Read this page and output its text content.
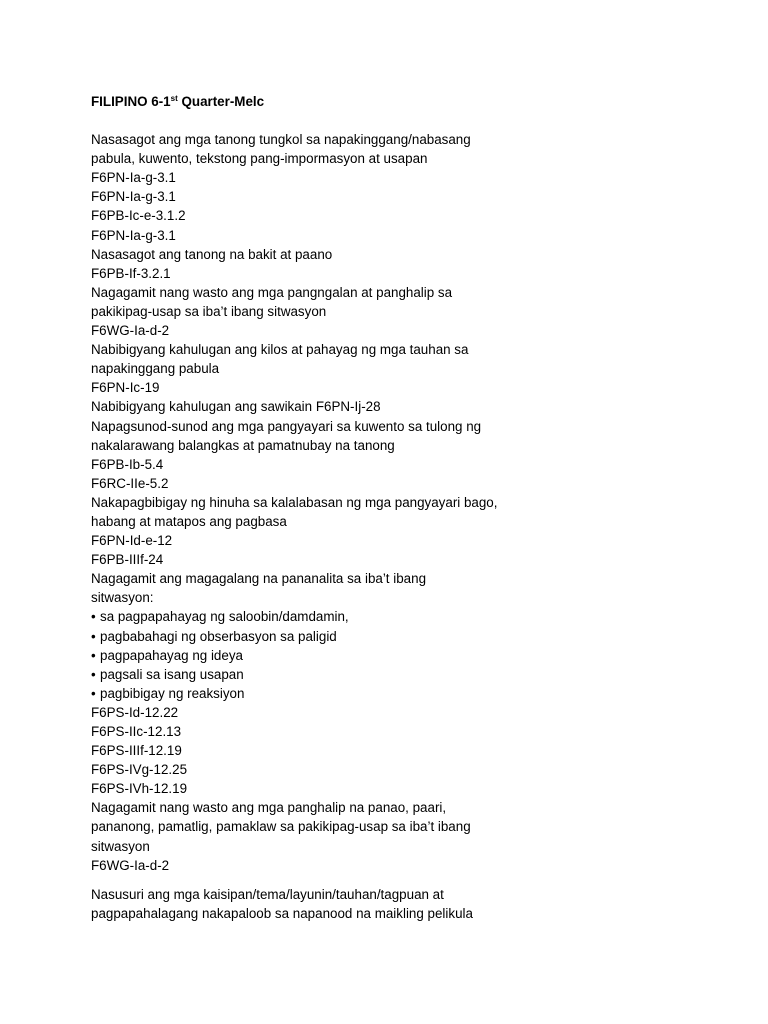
FILIPINO 6-1st Quarter-Melc
Nasasagot ang mga tanong tungkol sa napakinggang/nabasang
pabula, kuwento, tekstong pang-impormasyon at usapan
F6PN-Ia-g-3.1
F6PN-Ia-g-3.1
F6PB-Ic-e-3.1.2
F6PN-Ia-g-3.1
Nasasagot ang tanong na bakit at paano
F6PB-If-3.2.1
Nagagamit nang wasto ang mga pangngalan at panghalip sa
pakikipag-usap sa iba’t ibang sitwasyon
F6WG-Ia-d-2
Nabibigyang kahulugan ang kilos at pahayag ng mga tauhan sa
napakinggang pabula
F6PN-Ic-19
Nabibigyang kahulugan ang sawikain F6PN-Ij-28
Napagsunod-sunod ang mga pangyayari sa kuwento sa tulong ng
nakalarawang balangkas at pamatnubay na tanong
F6PB-Ib-5.4
F6RC-IIe-5.2
Nakapagbibigay ng hinuha sa kalalabasan ng mga pangyayari bago,
habang at matapos ang pagbasa
F6PN-Id-e-12
F6PB-IIIf-24
Nagagamit ang magagalang na pananalita sa iba’t ibang
sitwasyon:
• sa pagpapahayag ng saloobin/damdamin,
• pagbabahagi ng obserbasyon sa paligid
• pagpapahayag ng ideya
• pagsali sa isang usapan
• pagbibigay ng reaksiyon
F6PS-Id-12.22
F6PS-IIc-12.13
F6PS-IIIf-12.19
F6PS-IVg-12.25
F6PS-IVh-12.19
Nagagamit nang wasto ang mga panghalip na panao, paari,
pananong, pamatlig, pamaklaw sa pakikipag-usap sa iba’t ibang
sitwasyon
F6WG-Ia-d-2
Nasusuri ang mga kaisipan/tema/layunin/tauhan/tagpuan at
pagpapahalagang nakapaloob sa napanood na maikling pelikula
